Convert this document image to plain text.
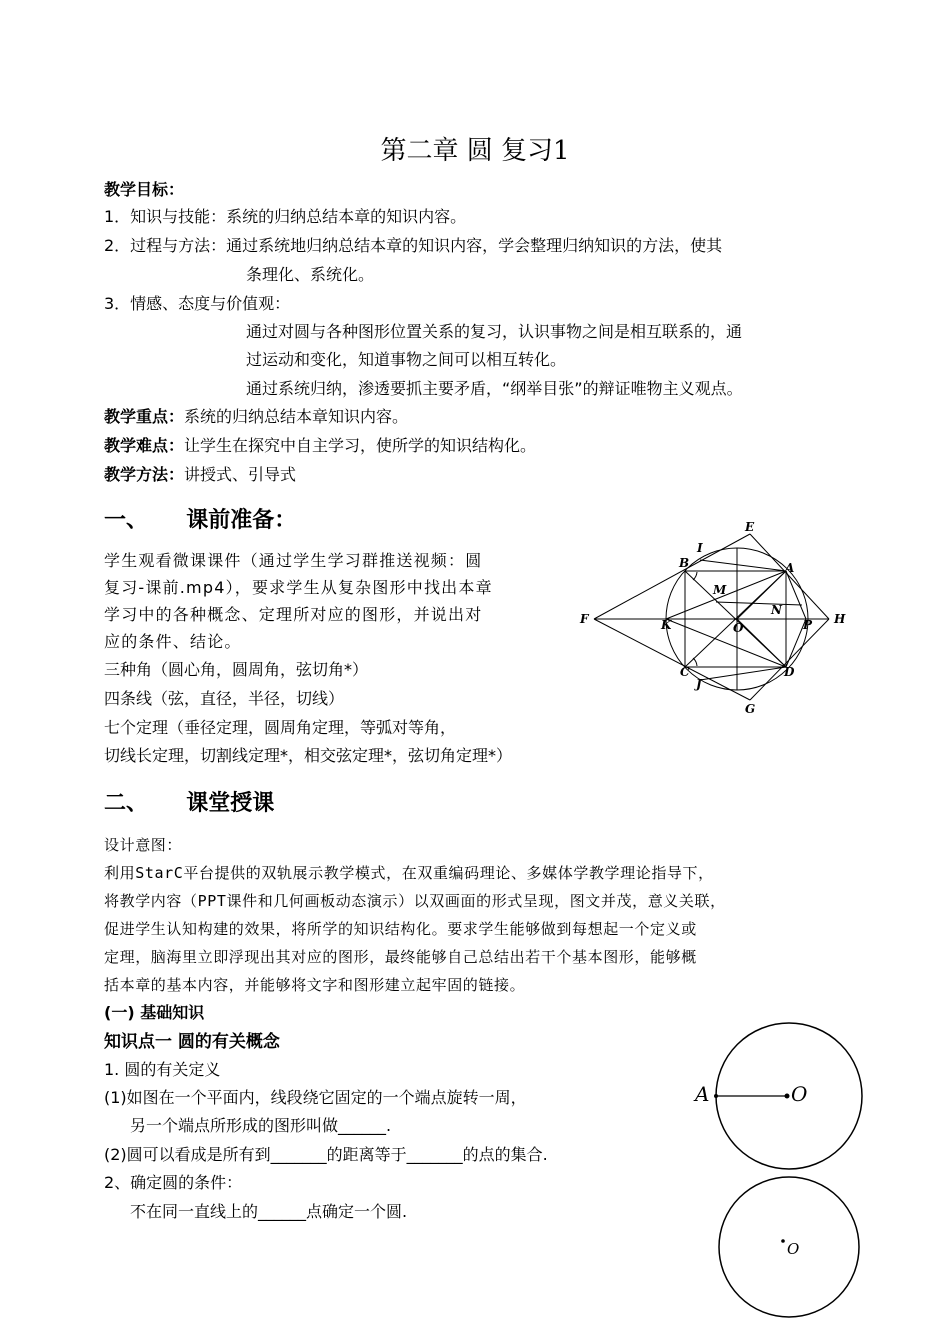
第二章 圆 复习1
教学目标：
1．知识与技能：系统的归纳总结本章的知识内容。
2．过程与方法：通过系统地归纳总结本章的知识内容，学会整理归纳知识的方法，使其
条理化、系统化。
3．情感、态度与价值观：
通过对圆与各种图形位置关系的复习，认识事物之间是相互联系的，通
过运动和变化，知道事物之间可以相互转化。
通过系统归纳，渗透要抓主要矛盾，“纲举目张”的辩证唯物主义观点。
教学重点：系统的归纳总结本章知识内容。
教学难点：让学生在探究中自主学习，使所学的知识结构化。
教学方法：讲授式、引导式
一、     课前准备：
学生观看微课课件（通过学生学习群推送视频：圆
复习-课前.mp4），要求学生从复杂图形中找出本章
学习中的各种概念、定理所对应的图形，并说出对
应的条件、结论。
三种角（圆心角，圆周角，弦切角*）
四条线（弦，直径，半径，切线）
七个定理（垂径定理，圆周角定理，等弧对等角，
切线长定理，切割线定理*，相交弦定理*，弦切角定理*）
E
I
B	A
M
N
F	K	O	P H
C
J
D
G
二、     课堂授课
设计意图：
利用StarC平台提供的双轨展示教学模式，在双重编码理论、多媒体学教学理论指导下，
将教学内容（PPT课件和几何画板动态演示）以双画面的形式呈现，图文并茂，意义关联，
促进学生认知构建的效果，将所学的知识结构化。要求学生能够做到每想起一个定义或
定理，脑海里立即浮现出其对应的图形，最终能够自己总结出若干个基本图形，能够概
括本章的基本内容，并能够将文字和图形建立起牢固的链接。
(一) 基础知识
知识点一 圆的有关概念
1. 圆的有关定义
(1)如图在一个平面内，线段绕它固定的一个端点旋转一周，
另一个端点所形成的图形叫做______.
(2)圆可以看成是所有到_______的距离等于_______的点的集合.
2、确定圆的条件：
不在同一直线上的______点确定一个圆.
A	O
O
